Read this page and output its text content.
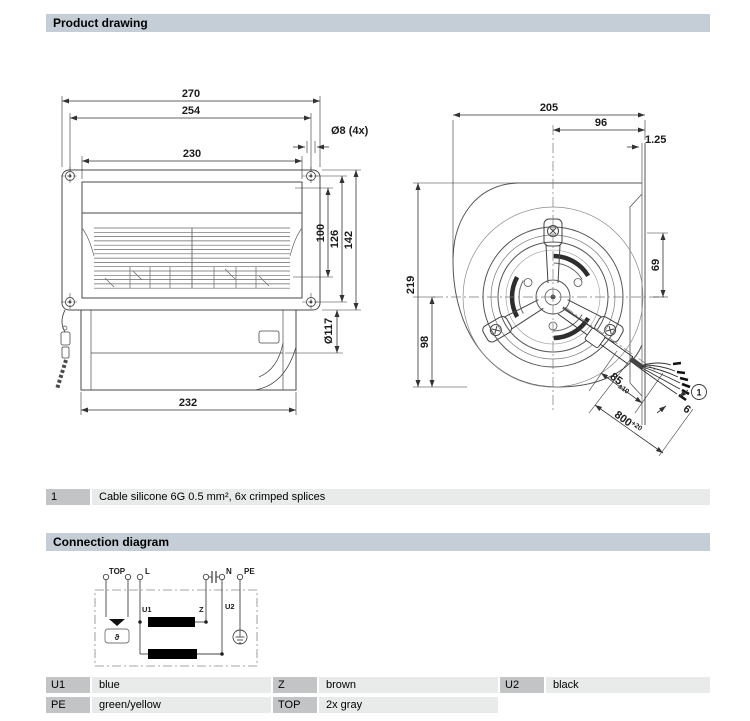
Product drawing
270
254
230
Ø8 (4x)
100 126 142
Ø117
232
1
205
96
1.25
219
98
69
$85_{\pm 10}$
$800^{+20}$
6
1	Cable silicone 6G 0.5 mm², 6x crimped splices
Connection diagram
TOP L	N PE
ϑ
U1	Z	U2
U1	blue	Z	brown	U2	black
PE	green/yellow	TOP	2x gray
